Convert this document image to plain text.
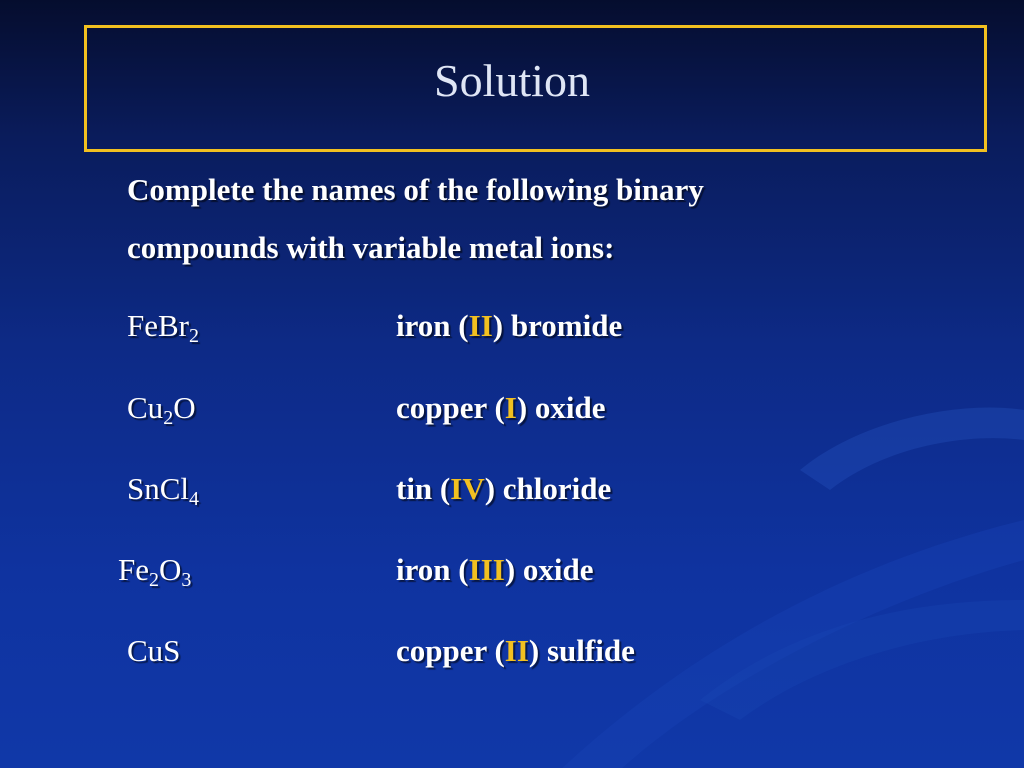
Solution
Complete the names of the following binary
compounds with variable metal ions:
FeBr$_2$	iron (II) bromide
$Cu_2O$	copper (I) oxide
SnCl$_4$	tin (IV) chloride
$Fe_2O_3$	iron (III) oxide
CuS	copper (II) sulfide
